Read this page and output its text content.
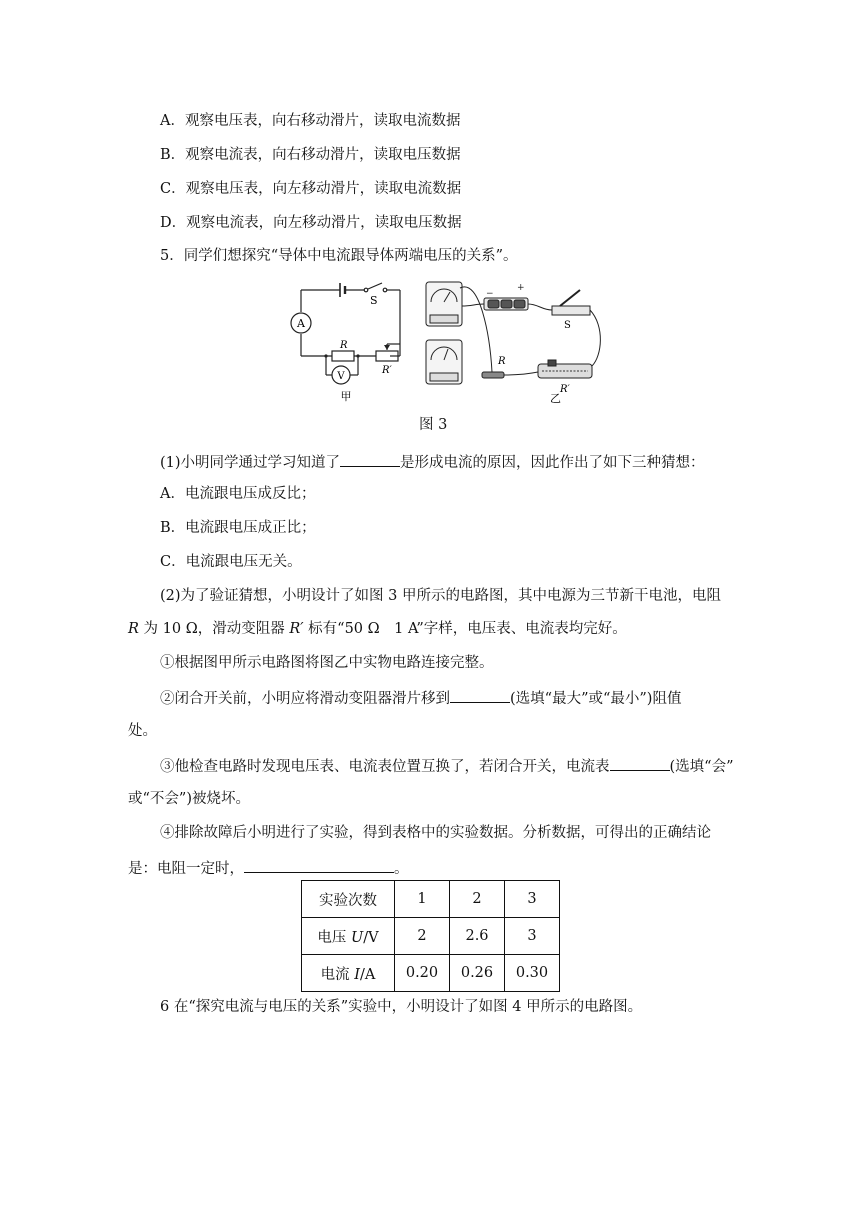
A．观察电压表，向右移动滑片，读取电流数据
B．观察电流表，向右移动滑片，读取电压数据
C．观察电压表，向左移动滑片，读取电流数据
D．观察电流表，向左移动滑片，读取电压数据
5．同学们想探究“导体中电流跟导体两端电压的关系”。
A
V
S
R
R′
甲
+
−
S
R
R′
乙
图 3
(1)小明同学通过学习知道了	是形成电流的原因，因此作出了如下三种猜想：
A．电流跟电压成反比；
B．电流跟电压成正比；
C．电流跟电压无关。
(2)为了验证猜想，小明设计了如图 3 甲所示的电路图，其中电源为三节新干电池，电阻
R 为 10 Ω，滑动变阻器 R′ 标有“50 Ω　1 A”字样，电压表、电流表均完好。
①根据图甲所示电路图将图乙中实物电路连接完整。
②闭合开关前，小明应将滑动变阻器滑片移到	(选填“最大”或“最小”)阻值
处。
③他检查电路时发现电压表、电流表位置互换了，若闭合开关，电流表	(选填“会”
或“不会”)被烧坏。
④排除故障后小明进行了实验，得到表格中的实验数据。分析数据，可得出的正确结论
是：电阻一定时，	。
实验次数	1	2	3
电压 U/V	2	2.6	3
电流 I/A	0.20	0.26	0.30
6 在“探究电流与电压的关系”实验中，小明设计了如图 4 甲所示的电路图。
